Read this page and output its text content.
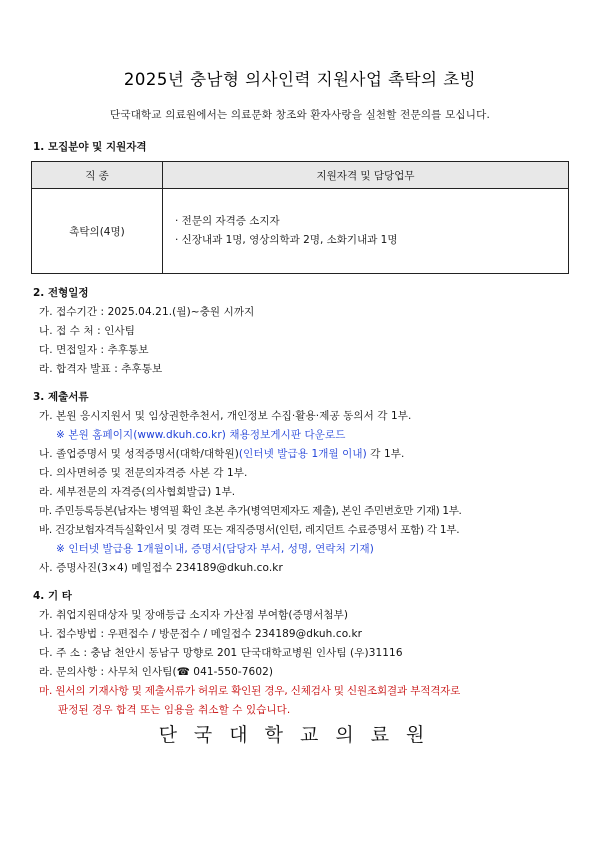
2025년 충남형 의사인력 지원사업 촉탁의 초빙
단국대학교 의료원에서는 의료문화 창조와 환자사랑을 실천할 전문의를 모십니다.
1. 모집분야 및 지원자격
직 종	지원자격 및 담당업무
촉탁의(4명)	· 전문의 자격증 소지자
· 신장내과 1명, 영상의학과 2명, 소화기내과 1명
2. 전형일정
가. 접수기간 : 2025.04.21.(월)~충원 시까지
나. 접 수 처 : 인사팀
다. 면접일자 : 추후통보
라. 합격자 발표 : 추후통보
3. 제출서류
가. 본원 응시지원서 및 임상권한추천서, 개인정보 수집·활용·제공 동의서 각 1부.
※ 본원 홈페이지(www.dkuh.co.kr) 채용정보게시판 다운로드
나. 졸업증명서 및 성적증명서(대학/대학원)(인터넷 발급용 1개월 이내) 각 1부.
다. 의사면허증 및 전문의자격증 사본 각 1부.
라. 세부전문의 자격증(의사협회발급) 1부.
마. 주민등록등본(남자는 병역필 확인 초본 추가(병역면제자도 제출), 본인 주민번호만 기재) 1부.
바. 건강보험자격득실확인서 및 경력 또는 재직증명서(인턴, 레지던트 수료증명서 포함) 각 1부.
※ 인터넷 발급용 1개월이내, 증명서(담당자 부서, 성명, 연락처 기재)
사. 증명사진(3×4) 메일접수 234189@dkuh.co.kr
4. 기 타
가. 취업지원대상자 및 장애등급 소지자 가산점 부여함(증명서첨부)
나. 접수방법 : 우편접수 / 방문접수 / 메일접수 234189@dkuh.co.kr
다. 주 소 : 충남 천안시 동남구 망향로 201 단국대학교병원 인사팀 (우)31116
라. 문의사항 : 사무처 인사팀(☎ 041-550-7602)
마. 원서의 기재사항 및 제출서류가 허위로 확인된 경우, 신체검사 및 신원조회결과 부적격자로
판정된 경우 합격 또는 임용을 취소할 수 있습니다.
단국대학교의료원
